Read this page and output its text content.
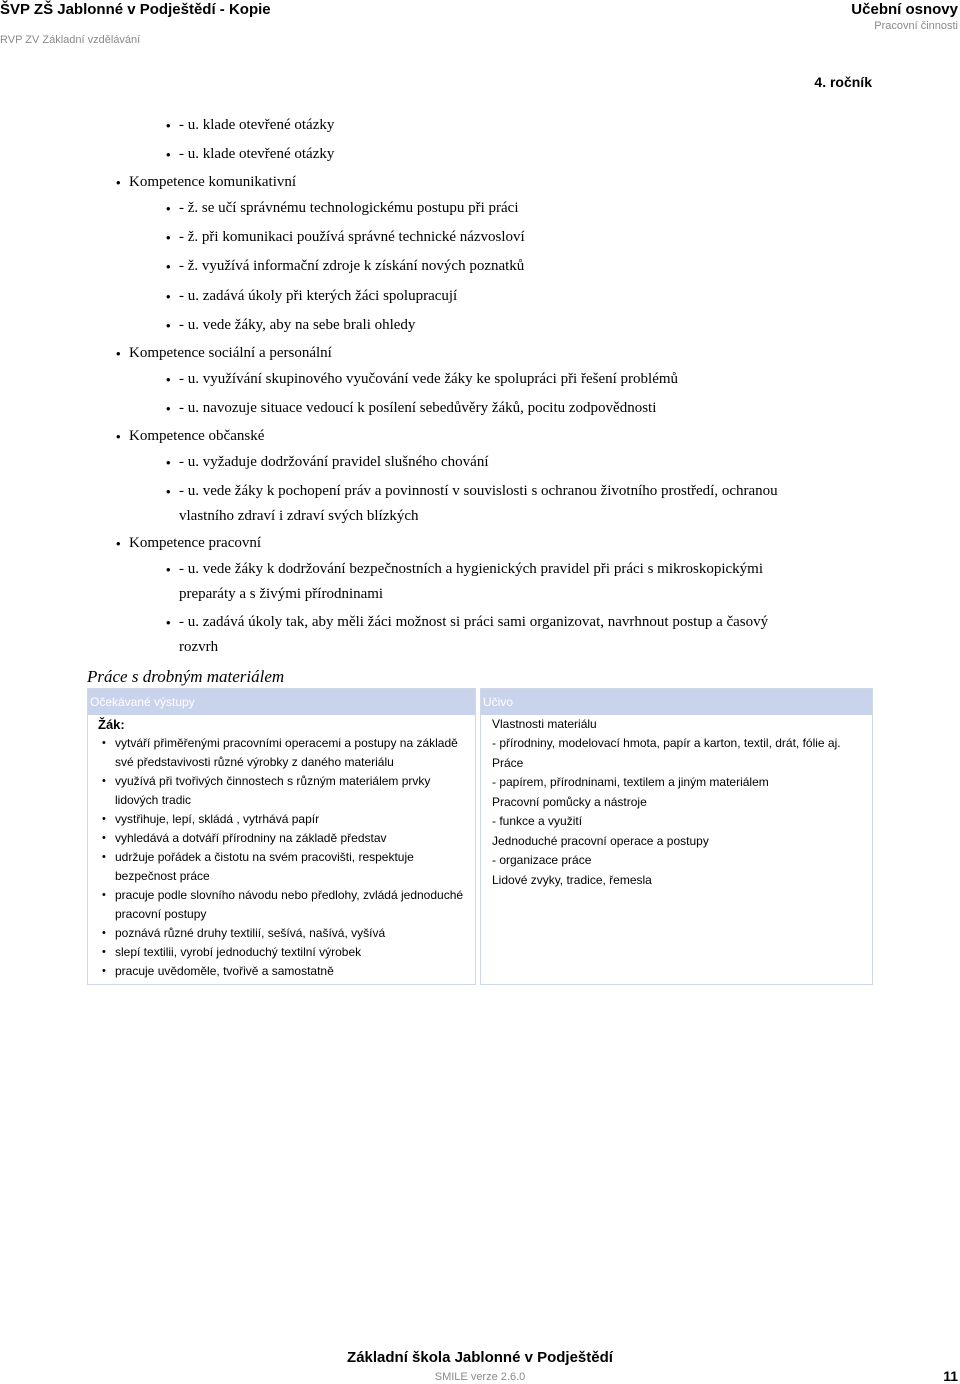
ŠVP ZŠ Jablonné v Podještědí - Kopie
RVP ZV Základní vzdělávání
Učební osnovy
Pracovní činnosti
4. ročník
• - u. klade otevřené otázky
• - u. klade otevřené otázky
• Kompetence komunikativní
• - ž. se učí správnému technologickému postupu při práci
• - ž. při komunikaci používá správné technické názvosloví
• - ž. využívá informační zdroje k získání nových poznatků
• - u. zadává úkoly při kterých žáci spolupracují
• - u. vede žáky, aby na sebe brali ohledy
• Kompetence sociální a personální
• - u. využívání skupinového vyučování vede žáky ke spolupráci při řešení problémů
• - u. navozuje situace vedoucí k posílení sebedůvěry žáků, pocitu zodpovědnosti
• Kompetence občanské
• - u. vyžaduje dodržování pravidel slušného chování
• - u. vede žáky k pochopení práv a povinností v souvislosti s ochranou životního prostředí, ochranou
vlastního zdraví i zdraví svých blízkých
• Kompetence pracovní
• - u. vede žáky k dodržování bezpečnostních a hygienických pravidel při práci s mikroskopickými
preparáty a s živými přírodninami
• - u. zadává úkoly tak, aby měli žáci možnost si práci sami organizovat, navrhnout postup a časový
rozvrh
Práce s drobným materiálem
Očekávané výstupy	Učivo
Žák:
• vytváří přiměřenými pracovními operacemi a postupy na základě
své představivosti různé výrobky z daného materiálu
• využívá při tvořivých činnostech s různým materiálem prvky
lidových tradic
• vystřihuje, lepí, skládá , vytrhává papír
• vyhledává a dotváří přírodniny na základě představ
• udržuje pořádek a čistotu na svém pracovišti, respektuje
bezpečnost práce
• pracuje podle slovního návodu nebo předlohy, zvládá jednoduché
pracovní postupy
• poznává různé druhy textilií, sešívá, našívá, vyšívá
• slepí textilii, vyrobí jednoduchý textilní výrobek
• pracuje uvědoměle, tvořivě a samostatně
Vlastnosti materiálu
- přírodniny, modelovací hmota, papír a karton, textil, drát, fólie aj.
Práce
- papírem, přírodninami, textilem a jiným materiálem
Pracovní pomůcky a nástroje
- funkce a využití
Jednoduché pracovní operace a postupy
- organizace práce
Lidové zvyky, tradice, řemesla
Základní škola Jablonné v Podještědí
SMILE verze 2.6.0	11
